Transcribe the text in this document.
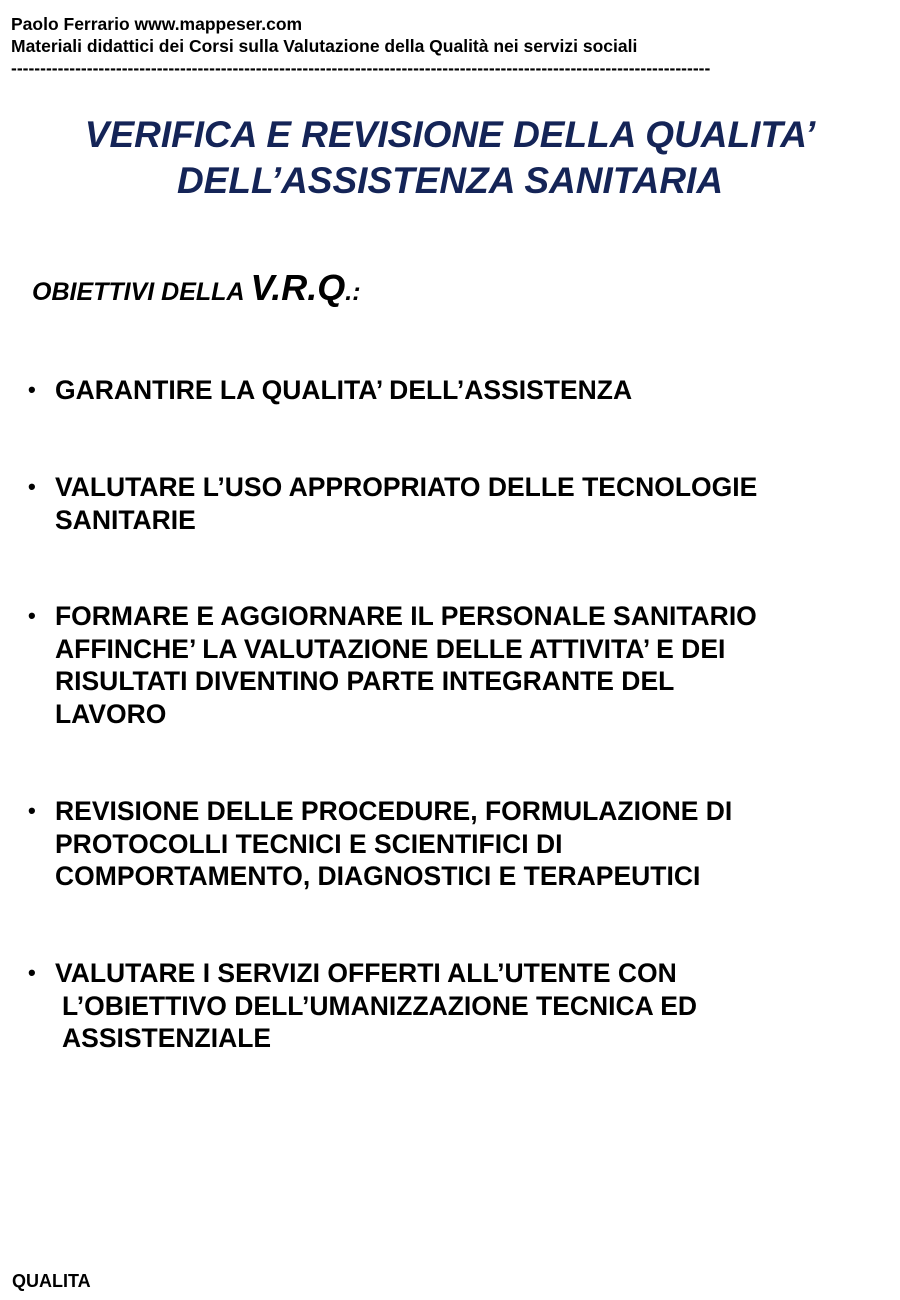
Paolo Ferrario www.mappeser.com
Materiali didattici dei Corsi sulla Valutazione della Qualità nei servizi sociali
------------------------------------------------------------------------------------------------------------------------
VERIFICA E REVISIONE DELLA QUALITA’
DELL’ASSISTENZA SANITARIA
OBIETTIVI DELLA V.R.Q.:
• GARANTIRE LA QUALITA’ DELL’ASSISTENZA
• VALUTARE L’USO APPROPRIATO DELLE TECNOLOGIE
SANITARIE
• FORMARE E AGGIORNARE IL PERSONALE SANITARIO
AFFINCHE’ LA VALUTAZIONE DELLE ATTIVITA’ E DEI
RISULTATI DIVENTINO PARTE INTEGRANTE DEL
LAVORO
• REVISIONE DELLE PROCEDURE, FORMULAZIONE DI
PROTOCOLLI TECNICI E SCIENTIFICI DI
COMPORTAMENTO, DIAGNOSTICI E TERAPEUTICI
• VALUTARE I SERVIZI OFFERTI ALL’UTENTE CON
L’OBIETTIVO DELL’UMANIZZAZIONE TECNICA ED
ASSISTENZIALE
QUALITA
